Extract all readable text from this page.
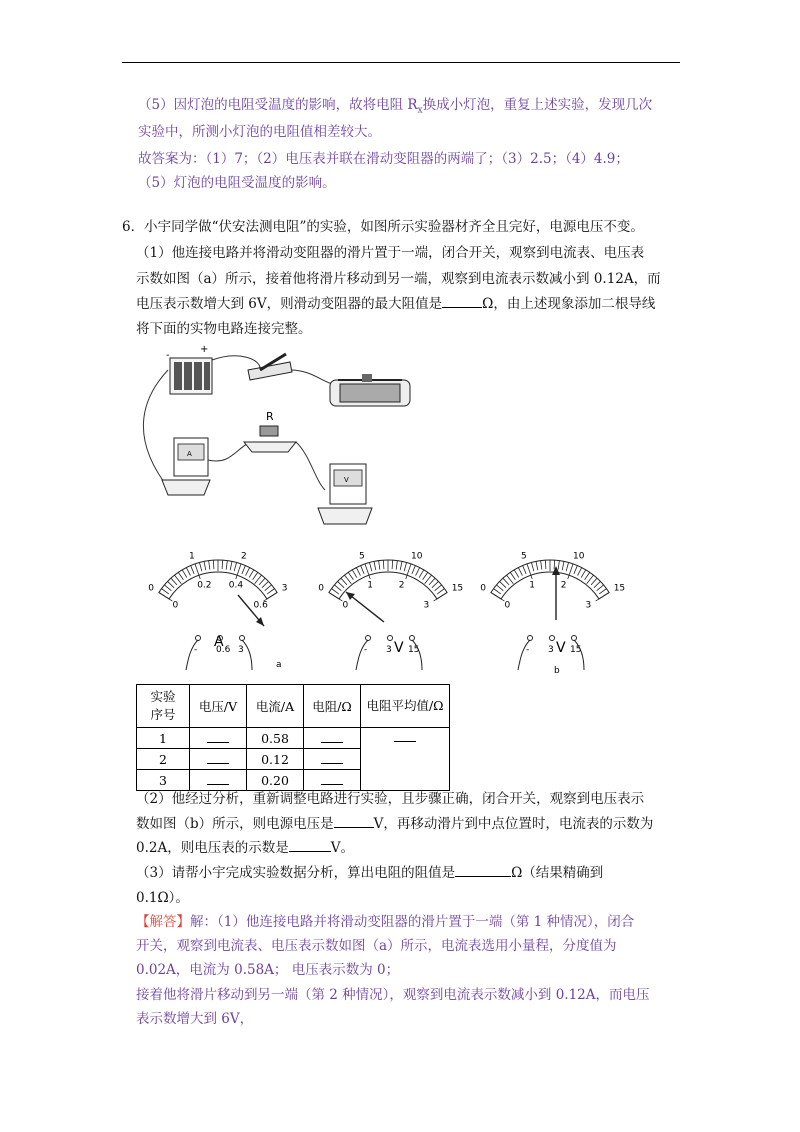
（5）因灯泡的电阻受温度的影响，故将电阻 $R_x$换成小灯泡，重复上述实验，发现几次
实验中，所测小灯泡的电阻值相差较大。
故答案为：（1）7；（2）电压表并联在滑动变阻器的两端了；（3）2.5；（4）4.9；
（5）灯泡的电阻受温度的影响。
6．小宇同学做“伏安法测电阻”的实验，如图所示实验器材齐全且完好，电源电压不变。
（1）他连接电路并将滑动变阻器的滑片置于一端，闭合开关，观察到电流表、电压表
示数如图（a）所示，接着他将滑片移动到另一端，观察到电流表示数减小到 0.12A，而
电压表示数增大到 6V，则滑动变阻器的最大阻值是	Ω，由上述现象添加二根导线
将下面的实物电路连接完整。
-
+
R
A
V
0
1	2
3
0
0.2 0.4
0.6
A
- 0.6 3
0
5	10
15
0
1	2
3
V
- 3 15
0
5	10
15
0
1	2
3
V
- 3 15
a
b
实验序号	电压/V	电流/A	电阻/Ω	电阻平均值/Ω
1		0.58		
2		0.12		
3		0.20		
（2）他经过分析，重新调整电路进行实验，且步骤正确，闭合开关，观察到电压表示
数如图（b）所示，则电源电压是	V，再移动滑片到中点位置时，电流表的示数为
0.2A，则电压表的示数是	V。
（3）请帮小宇完成实验数据分析，算出电阻的阻值是	Ω（结果精确到
0.1Ω）。
【解答】解：（1）他连接电路并将滑动变阻器的滑片置于一端（第 1 种情况），闭合
开关，观察到电流表、电压表示数如图（a）所示，电流表选用小量程，分度值为
0.02A，电流为 0.58A； 电压表示数为 0；
接着他将滑片移动到另一端（第 2 种情况），观察到电流表示数减小到 0.12A，而电压
表示数增大到 6V，
